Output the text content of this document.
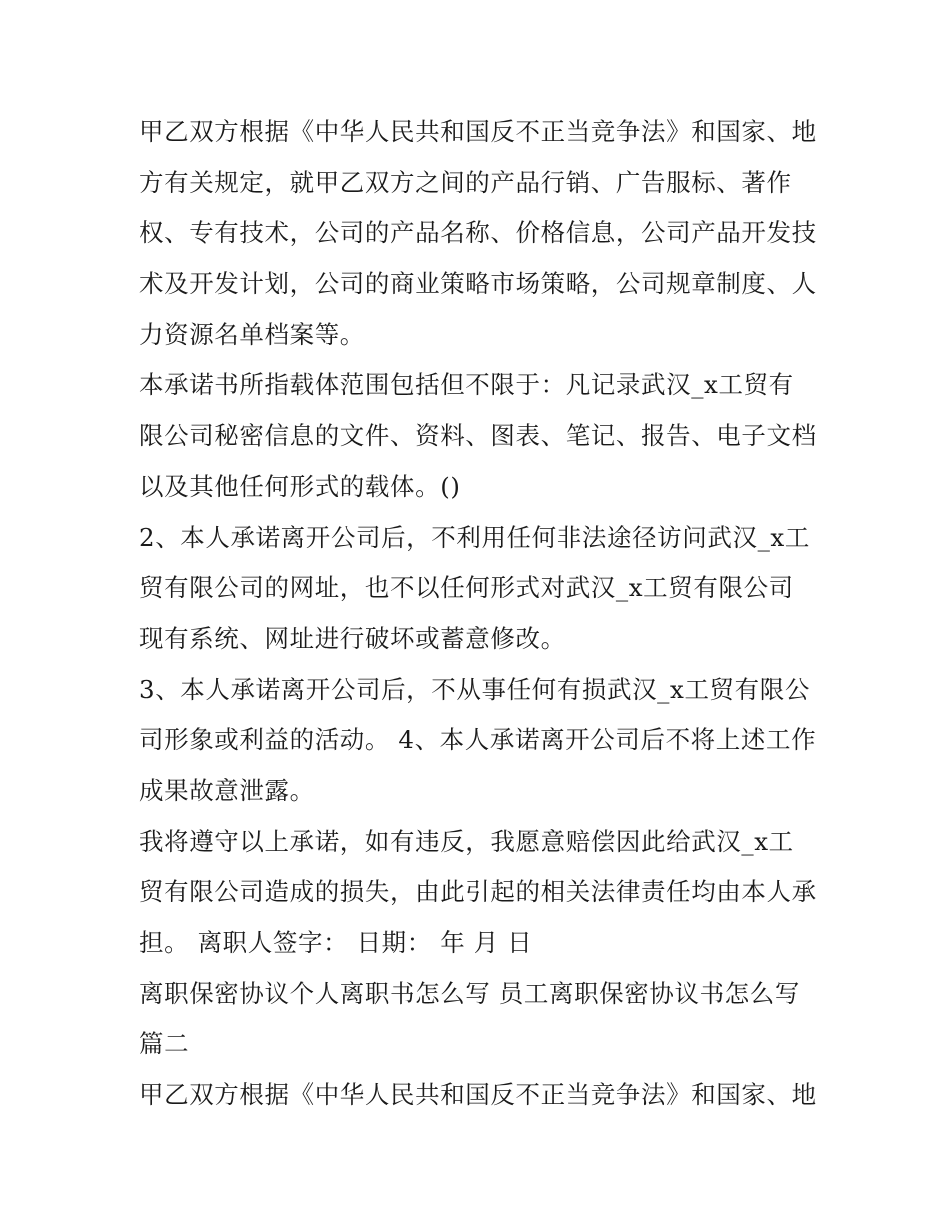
甲乙双方根据《中华人民共和国反不正当竞争法》和国家、地
方有关规定，就甲乙双方之间的产品行销、广告服标、著作
权、专有技术，公司的产品名称、价格信息，公司产品开发技
术及开发计划，公司的商业策略市场策略，公司规章制度、人
力资源名单档案等。
本承诺书所指载体范围包括但不限于：凡记录武汉_x工贸有
限公司秘密信息的文件、资料、图表、笔记、报告、电子文档
以及其他任何形式的载体。()
2、本人承诺离开公司后，不利用任何非法途径访问武汉_x工
贸有限公司的网址，也不以任何形式对武汉_x工贸有限公司
现有系统、网址进行破坏或蓄意修改。
3、本人承诺离开公司后，不从事任何有损武汉_x工贸有限公
司形象或利益的活动。 4、本人承诺离开公司后不将上述工作
成果故意泄露。
我将遵守以上承诺，如有违反，我愿意赔偿因此给武汉_x工
贸有限公司造成的损失，由此引起的相关法律责任均由本人承
担。 离职人签字： 日期： 年 月 日
离职保密协议个人离职书怎么写 员工离职保密协议书怎么写
篇二
甲乙双方根据《中华人民共和国反不正当竞争法》和国家、地
